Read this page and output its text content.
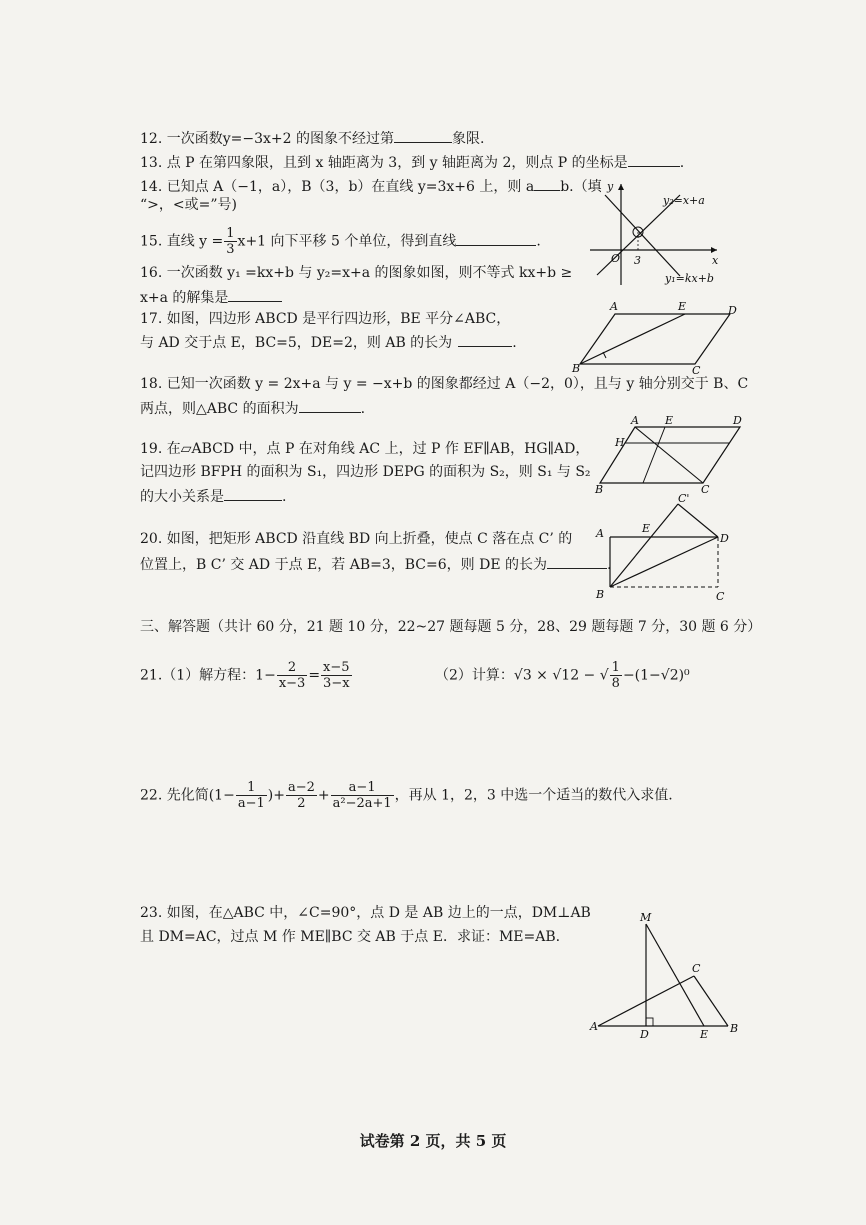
12. 一次函数y=−3x+2 的图象不经过第	象限.
13. 点 P 在第四象限，且到 x 轴距离为 3，到 y 轴距离为 2，则点 P 的坐标是	.
14. 已知点 A（−1，a），B（3，b）在直线 y=3x+6 上，则 a b.（填
“>，<或=”号)
15. 直线 $y = \frac{1}{3} x+1$ 向下平移 5 个单位，得到直线	.
16. 一次函数 y₁ =kx+b 与 y₂=x+a 的图象如图，则不等式 kx+b ≥
x+a 的解集是
17. 如图，四边形 ABCD 是平行四边形，BE 平分∠ABC，
与 AD 交于点 E，BC=5，DE=2，则 AB 的长为	.
18. 已知一次函数 y = 2x+a 与 y = −x+b 的图象都经过 A（−2，0），且与 y 轴分别交于 B、C
两点，则△ABC 的面积为	.
19. 在▱ABCD 中，点 P 在对角线 AC 上，过 P 作 EF∥AB，HG∥AD，
记四边形 BFPH 的面积为 S₁，四边形 DEPG 的面积为 S₂，则 S₁ 与 S₂
的大小关系是	.
20. 如图，把矩形 ABCD 沿直线 BD 向上折叠，使点 C 落在点 C’ 的
位置上，B C’ 交 AD 于点 E，若 AB=3，BC=6，则 DE 的长为	.
三、解答题（共计 60 分，21 题 10 分，22~27 题每题 5 分，28、29 题每题 7 分，30 题 6 分）
21.（1）解方程：$1- \frac{2}{x-3} = \frac{x-5}{3-x}$	（2）计算：√3 × √12 − √ $\frac{1}{8} -(1-√2)^0$
22. 先化简($1- \frac{1}{a-1}$ )+ $\frac{a-2}{2} + \frac{a-1}{\text{a²−2a+1}}$ ，再从 1，2，3 中选一个适当的数代入求值.
23. 如图，在△ABC 中，∠C=90°，点 D 是 AB 边上的一点，DM⊥AB
且 DM=AC，过点 M 作 ME∥BC 交 AB 于点 E．求证：ME=AB.
y
x
O 3
y₂=x+a
y₁=kx+b
A	E	D
B	C
A E	D
H
B	C
C'
A	E
D
B	C
M
C
A
D	E B
试卷第 2 页，共 5 页
